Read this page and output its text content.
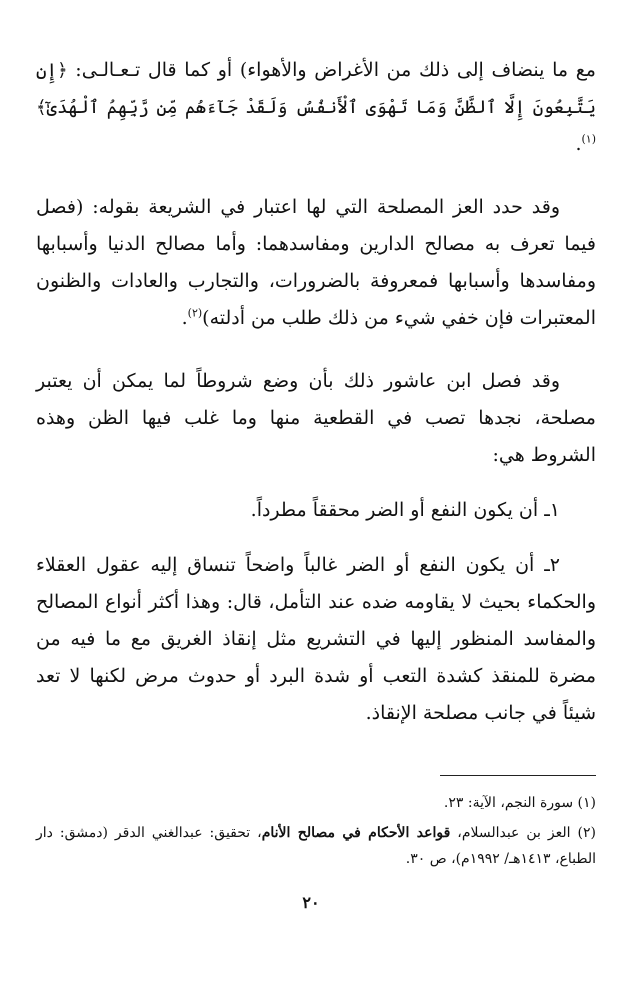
مع ما ينضاف إلى ذلك من الأغراض والأهواء) أو كما قال تـعـالـى: ﴿إِن يَتَّبِعُونَ إِلَّا ٱلظَّنَّ وَمَا تَهْوَى ٱلْأَنفُسُ وَلَقَدْ جَآءَهُم مِّن رَّبِّهِمُ ٱلْهُدَىٰٓ﴾$^{(١)}$.

وقد حدد العز المصلحة التي لها اعتبار في الشريعة بقوله: (فصل فيما تعرف به مصالح الدارين ومفاسدهما: وأما مصالح الدنيا وأسبابها ومفاسدها وأسبابها فمعروفة بالضرورات، والتجارب والعادات والظنون المعتبرات فإن خفي شيء من ذلك طلب من أدلته)$^{(٢)}$.

وقد فصل ابن عاشور ذلك بأن وضع شروطاً لما يمكن أن يعتبر مصلحة، نجدها تصب في القطعية منها وما غلب فيها الظن وهذه الشروط هي:

١ـ أن يكون النفع أو الضر محققاً مطرداً.

٢ـ أن يكون النفع أو الضر غالباً واضحاً تنساق إليه عقول العقلاء والحكماء بحيث لا يقاومه ضده عند التأمل، قال: وهذا أكثر أنواع المصالح والمفاسد المنظور إليها في التشريع مثل إنقاذ الغريق مع ما فيه من مضرة للمنقذ كشدة التعب أو شدة البرد أو حدوث مرض لكنها لا تعد شيئاً في جانب مصلحة الإنقاذ.

(١) سورة النجم، الآية: ٢٣.

(٢) العز بن عبدالسلام، قواعد الأحكام في مصالح الأنام، تحقيق: عبدالغني الدقر (دمشق: دار الطباع، ١٤١٣هـ/ ١٩٩٢م)، ص ٣٠.

٢٠
